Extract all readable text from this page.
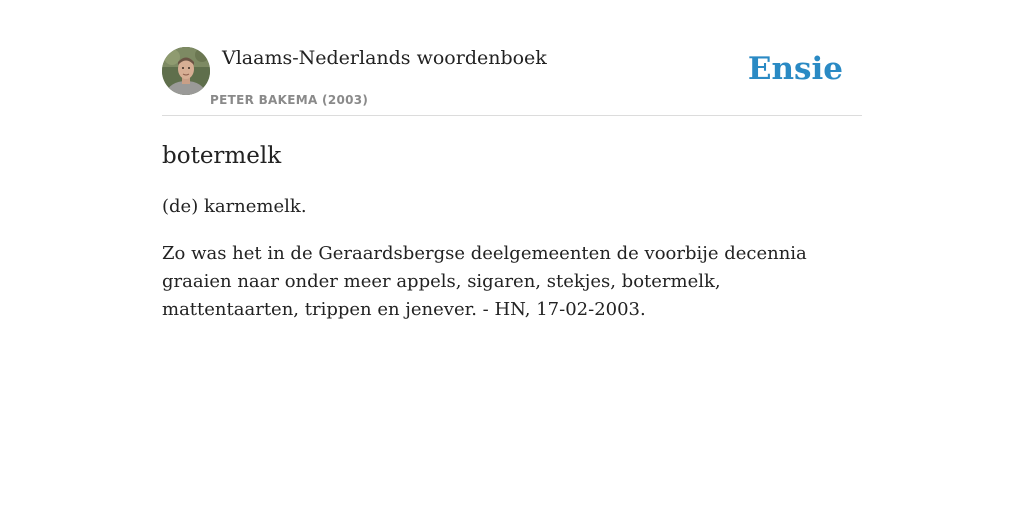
Vlaams-Nederlands woordenboek
PETER BAKEMA (2003)
Ensie
botermelk
(de) karnemelk.
Zo was het in de Geraardsbergse deelgemeenten de voorbije decennia graaien naar onder meer appels, sigaren, stekjes, botermelk, mattentaarten, trippen en jenever. - HN, 17-02-2003.
